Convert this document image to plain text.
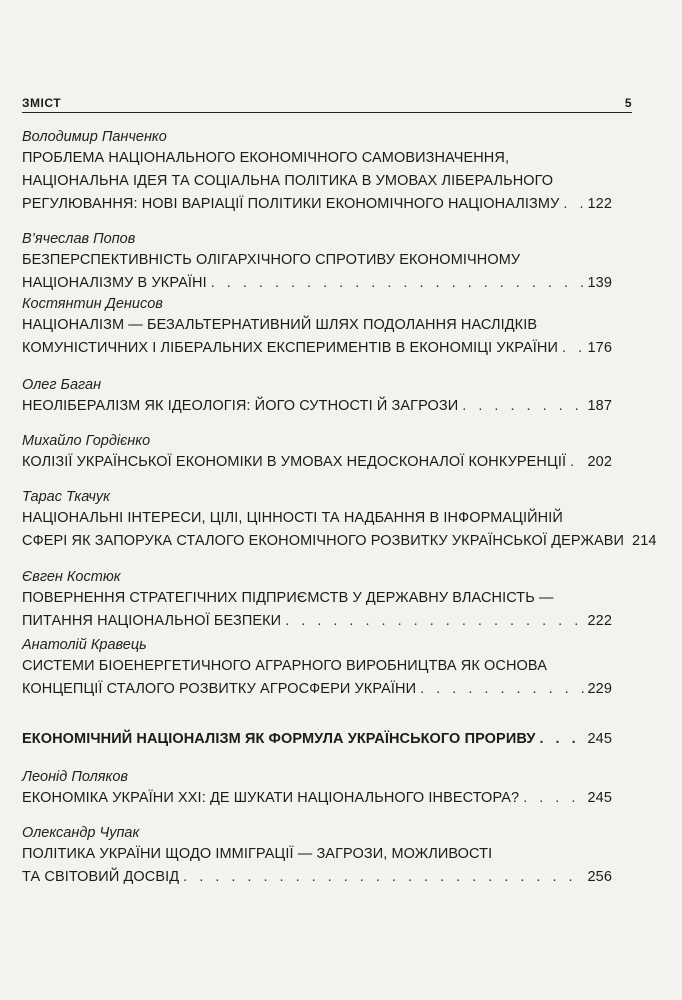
ЗМІСТ	5
Володимир Панченко
ПРОБЛЕМА НАЦІОНАЛЬНОГО ЕКОНОМІЧНОГО САМОВИЗНАЧЕННЯ,
НАЦІОНАЛЬНА ІДЕЯ ТА СОЦІАЛЬНА ПОЛІТИКА В УМОВАХ ЛІБЕРАЛЬНОГО
РЕГУЛЮВАННЯ: НОВІ ВАРІАЦІЇ ПОЛІТИКИ ЕКОНОМІЧНОГО НАЦІОНАЛІЗМУ . . . 122
В’ячеслав Попов
БЕЗПЕРСПЕКТИВНІСТЬ ОЛІГАРХІЧНОГО СПРОТИВУ ЕКОНОМІЧНОМУ
НАЦІОНАЛІЗМУ В УКРАЇНІ . . .	139
Костянтин Денисов
НАЦІОНАЛІЗМ — БЕЗАЛЬТЕРНАТИВНИЙ ШЛЯХ ПОДОЛАННЯ НАСЛІДКІВ
КОМУНІСТИЧНИХ І ЛІБЕРАЛЬНИХ ЕКСПЕРИМЕНТІВ В ЕКОНОМІЦІ УКРАЇНИ . . . 176
Олег Баган
НЕОЛІБЕРАЛІЗМ ЯК ІДЕОЛОГІЯ: ЙОГО СУТНОСТІ Й ЗАГРОЗИ . . .	187
Михайло Гордієнко
КОЛІЗІЇ УКРАЇНСЬКОЇ ЕКОНОМІКИ В УМОВАХ НЕДОСКОНАЛОЇ КОНКУРЕНЦІЇ . . . 202
Тарас Ткачук
НАЦІОНАЛЬНІ ІНТЕРЕСИ, ЦІЛІ, ЦІННОСТІ ТА НАДБАННЯ В ІНФОРМАЦІЙНІЙ
СФЕРІ ЯК ЗАПОРУКА СТАЛОГО ЕКОНОМІЧНОГО РОЗВИТКУ УКРАЇНСЬКОЇ ДЕРЖАВИ 214
Євген Костюк
ПОВЕРНЕННЯ СТРАТЕГІЧНИХ ПІДПРИЄМСТВ У ДЕРЖАВНУ ВЛАСНІСТЬ —
ПИТАННЯ НАЦІОНАЛЬНОЇ БЕЗПЕКИ . . .	222
Анатолій Кравець
СИСТЕМИ БІОЕНЕРГЕТИЧНОГО АГРАРНОГО ВИРОБНИЦТВА ЯК ОСНОВА
КОНЦЕПЦІЇ СТАЛОГО РОЗВИТКУ АГРОСФЕРИ УКРАЇНИ . . .	229
ЕКОНОМІЧНИЙ НАЦІОНАЛІЗМ ЯК ФОРМУЛА УКРАЇНСЬКОГО ПРОРИВУ . . .	245
Леонід Поляков
ЕКОНОМІКА УКРАЇНИ XXI: ДЕ ШУКАТИ НАЦІОНАЛЬНОГО ІНВЕСТОРА? . . .	245
Олександр Чупак
ПОЛІТИКА УКРАЇНИ ЩОДО ІММІГРАЦІЇ — ЗАГРОЗИ, МОЖЛИВОСТІ
ТА СВІТОВИЙ ДОСВІД . . .	256
